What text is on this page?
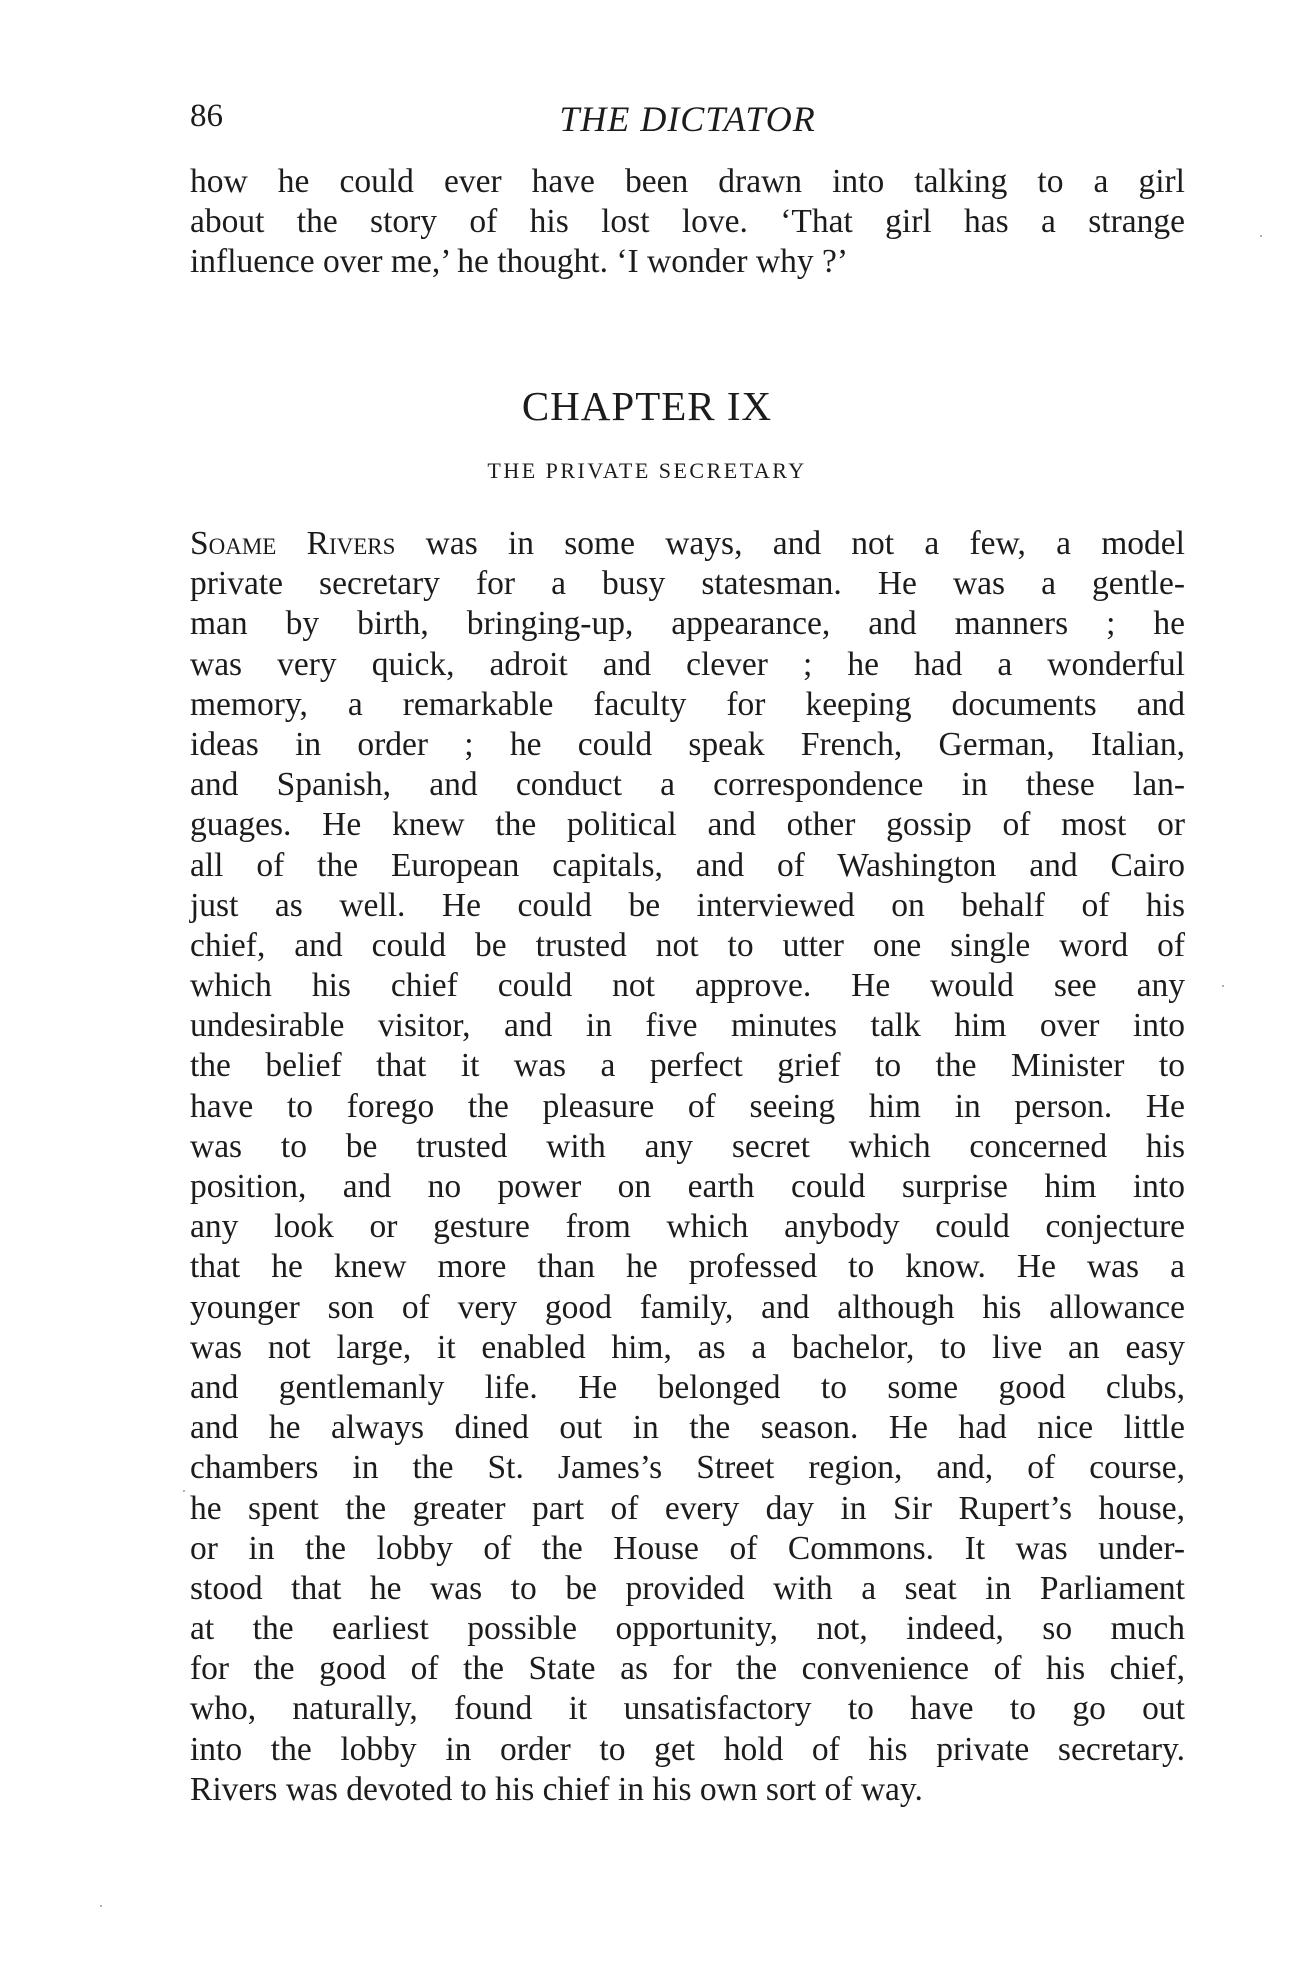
86	THE DICTATOR
how he could ever have been drawn into talking to a girl
about the story of his lost love. ‘That girl has a strange
influence over me,’ he thought. ‘I wonder why ?’
CHAPTER IX
THE PRIVATE SECRETARY
Soame Rivers was in some ways, and not a few, a model
private secretary for a busy statesman. He was a gentle-
man by birth, bringing-up, appearance, and manners ; he
was very quick, adroit and clever ; he had a wonderful
memory, a remarkable faculty for keeping documents and
ideas in order ; he could speak French, German, Italian,
and Spanish, and conduct a correspondence in these lan-
guages. He knew the political and other gossip of most or
all of the European capitals, and of Washington and Cairo
just as well. He could be interviewed on behalf of his
chief, and could be trusted not to utter one single word of
which his chief could not approve. He would see any
undesirable visitor, and in five minutes talk him over into
the belief that it was a perfect grief to the Minister to
have to forego the pleasure of seeing him in person. He
was to be trusted with any secret which concerned his
position, and no power on earth could surprise him into
any look or gesture from which anybody could conjecture
that he knew more than he professed to know. He was a
younger son of very good family, and although his allowance
was not large, it enabled him, as a bachelor, to live an easy
and gentlemanly life. He belonged to some good clubs,
and he always dined out in the season. He had nice little
chambers in the St. James’s Street region, and, of course,
he spent the greater part of every day in Sir Rupert’s house,
or in the lobby of the House of Commons. It was under-
stood that he was to be provided with a seat in Parliament
at the earliest possible opportunity, not, indeed, so much
for the good of the State as for the convenience of his chief,
who, naturally, found it unsatisfactory to have to go out
into the lobby in order to get hold of his private secretary.
Rivers was devoted to his chief in his own sort of way.
